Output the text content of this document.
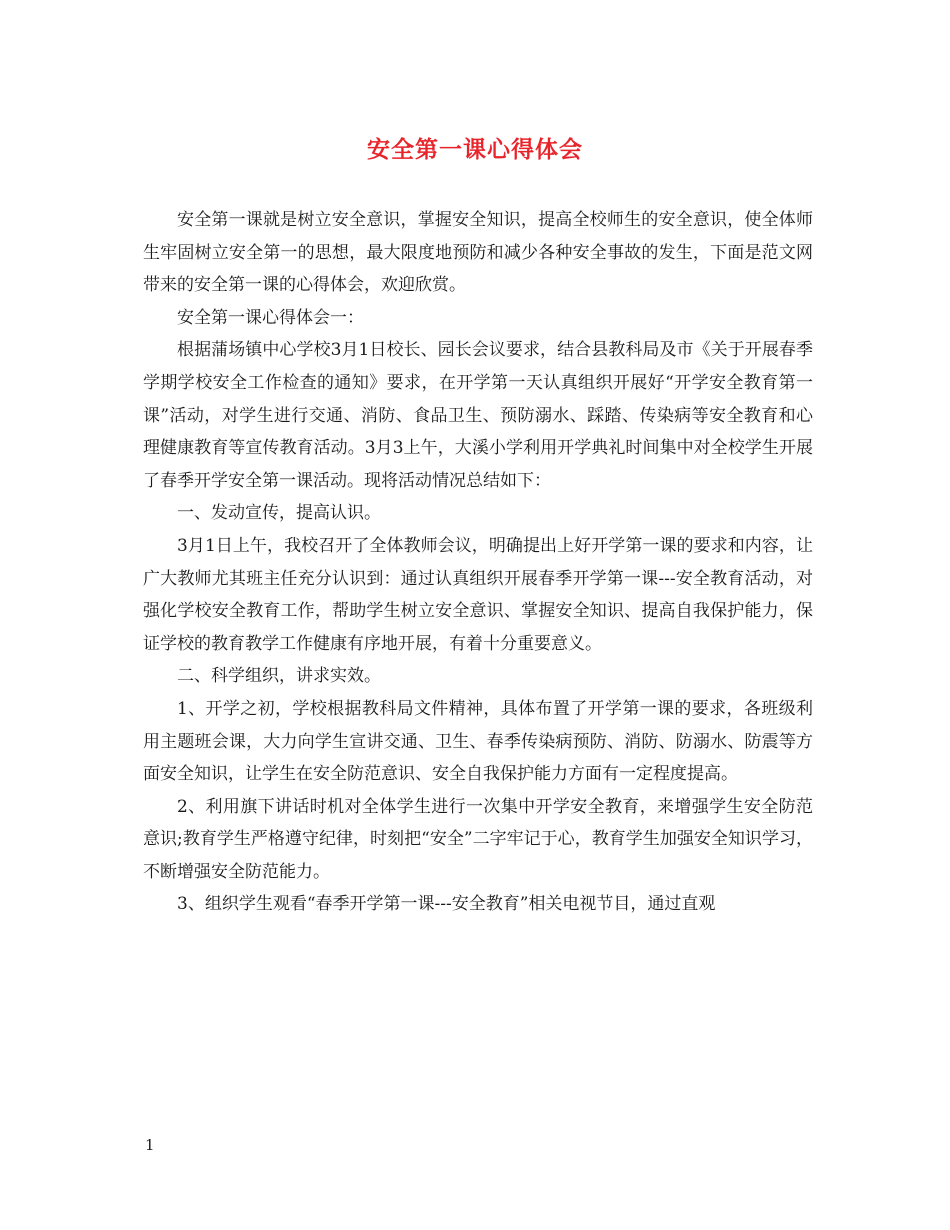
安全第一课心得体会

安全第一课就是树立安全意识，掌握安全知识，提高全校师生的安全意识，使全体师生牢固树立安全第一的思想，最大限度地预防和减少各种安全事故的发生，下面是范文网带来的安全第一课的心得体会，欢迎欣赏。

安全第一课心得体会一：

根据蒲场镇中心学校3月1日校长、园长会议要求，结合县教科局及市《关于开展春季学期学校安全工作检查的通知》要求，在开学第一天认真组织开展好“开学安全教育第一课”活动，对学生进行交通、消防、食品卫生、预防溺水、踩踏、传染病等安全教育和心理健康教育等宣传教育活动。3月3上午，大溪小学利用开学典礼时间集中对全校学生开展了春季开学安全第一课活动。现将活动情况总结如下：

一、发动宣传，提高认识。

3月1日上午，我校召开了全体教师会议，明确提出上好开学第一课的要求和内容，让广大教师尤其班主任充分认识到：通过认真组织开展春季开学第一课---安全教育活动，对强化学校安全教育工作，帮助学生树立安全意识、掌握安全知识、提高自我保护能力，保证学校的教育教学工作健康有序地开展，有着十分重要意义。

二、科学组织，讲求实效。

1、开学之初，学校根据教科局文件精神，具体布置了开学第一课的要求，各班级利用主题班会课，大力向学生宣讲交通、卫生、春季传染病预防、消防、防溺水、防震等方面安全知识，让学生在安全防范意识、安全自我保护能力方面有一定程度提高。

2、利用旗下讲话时机对全体学生进行一次集中开学安全教育，来增强学生安全防范意识;教育学生严格遵守纪律，时刻把“安全”二字牢记于心，教育学生加强安全知识学习，不断增强安全防范能力。

3、组织学生观看“春季开学第一课---安全教育”相关电视节目，通过直观

1
